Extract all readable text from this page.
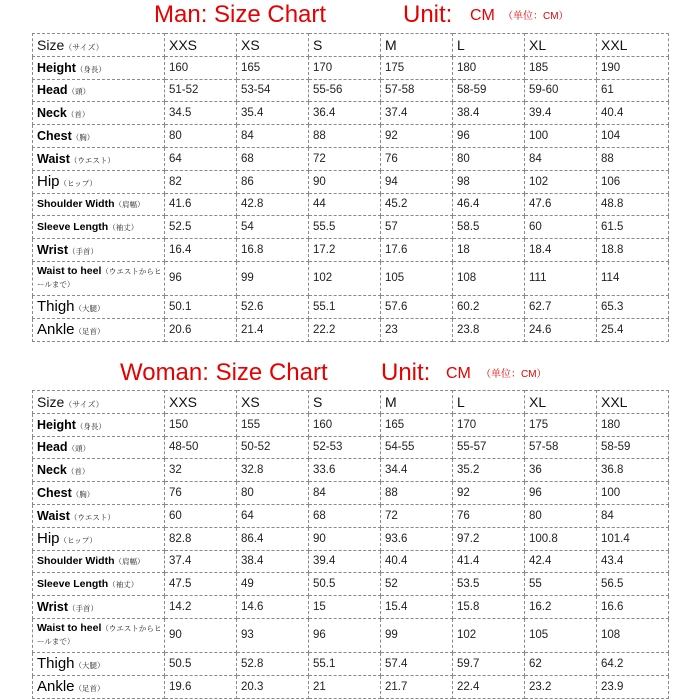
Man: Size Chart	Unit: CM （单位：CM）
Size（サイズ）	XXS	XS	S	M	L	XL	XXL
Height（身長）	160	165	170	175	180	185	190
Head（頭）	51-52	53-54	55-56	57-58	58-59	59-60	61
Neck（首）	34.5	35.4	36.4	37.4	38.4	39.4	40.4
Chest（胸）	80	84	88	92	96	100	104
Waist（ウエスト）	64	68	72	76	80	84	88
Hip（ヒップ）	82	86	90	94	98	102	106
Shoulder Width（肩幅）	41.6	42.8	44	45.2	46.4	47.6	48.8
Sleeve Length（袖丈）	52.5	54	55.5	57	58.5	60	61.5
Wrist（手首）	16.4	16.8	17.2	17.6	18	18.4	18.8
Waist to heel（ウエストからヒールまで）	96	99	102	105	108	111	114
Thigh（大腿）	50.1	52.6	55.1	57.6	60.2	62.7	65.3
Ankle（足首）	20.6	21.4	22.2	23	23.8	24.6	25.4
Woman: Size Chart Unit: CM （单位：CM）
Size（サイズ）	XXS	XS	S	M	L	XL	XXL
Height（身長）	150	155	160	165	170	175	180
Head（頭）	48-50	50-52	52-53	54-55	55-57	57-58	58-59
Neck（首）	32	32.8	33.6	34.4	35.2	36	36.8
Chest（胸）	76	80	84	88	92	96	100
Waist（ウエスト）	60	64	68	72	76	80	84
Hip（ヒップ）	82.8	86.4	90	93.6	97.2	100.8	101.4
Shoulder Width（肩幅）	37.4	38.4	39.4	40.4	41.4	42.4	43.4
Sleeve Length（袖丈）	47.5	49	50.5	52	53.5	55	56.5
Wrist（手首）	14.2	14.6	15	15.4	15.8	16.2	16.6
Waist to heel（ウエストからヒールまで）	90	93	96	99	102	105	108
Thigh（大腿）	50.5	52.8	55.1	57.4	59.7	62	64.2
Ankle（足首）	19.6	20.3	21	21.7	22.4	23.2	23.9
